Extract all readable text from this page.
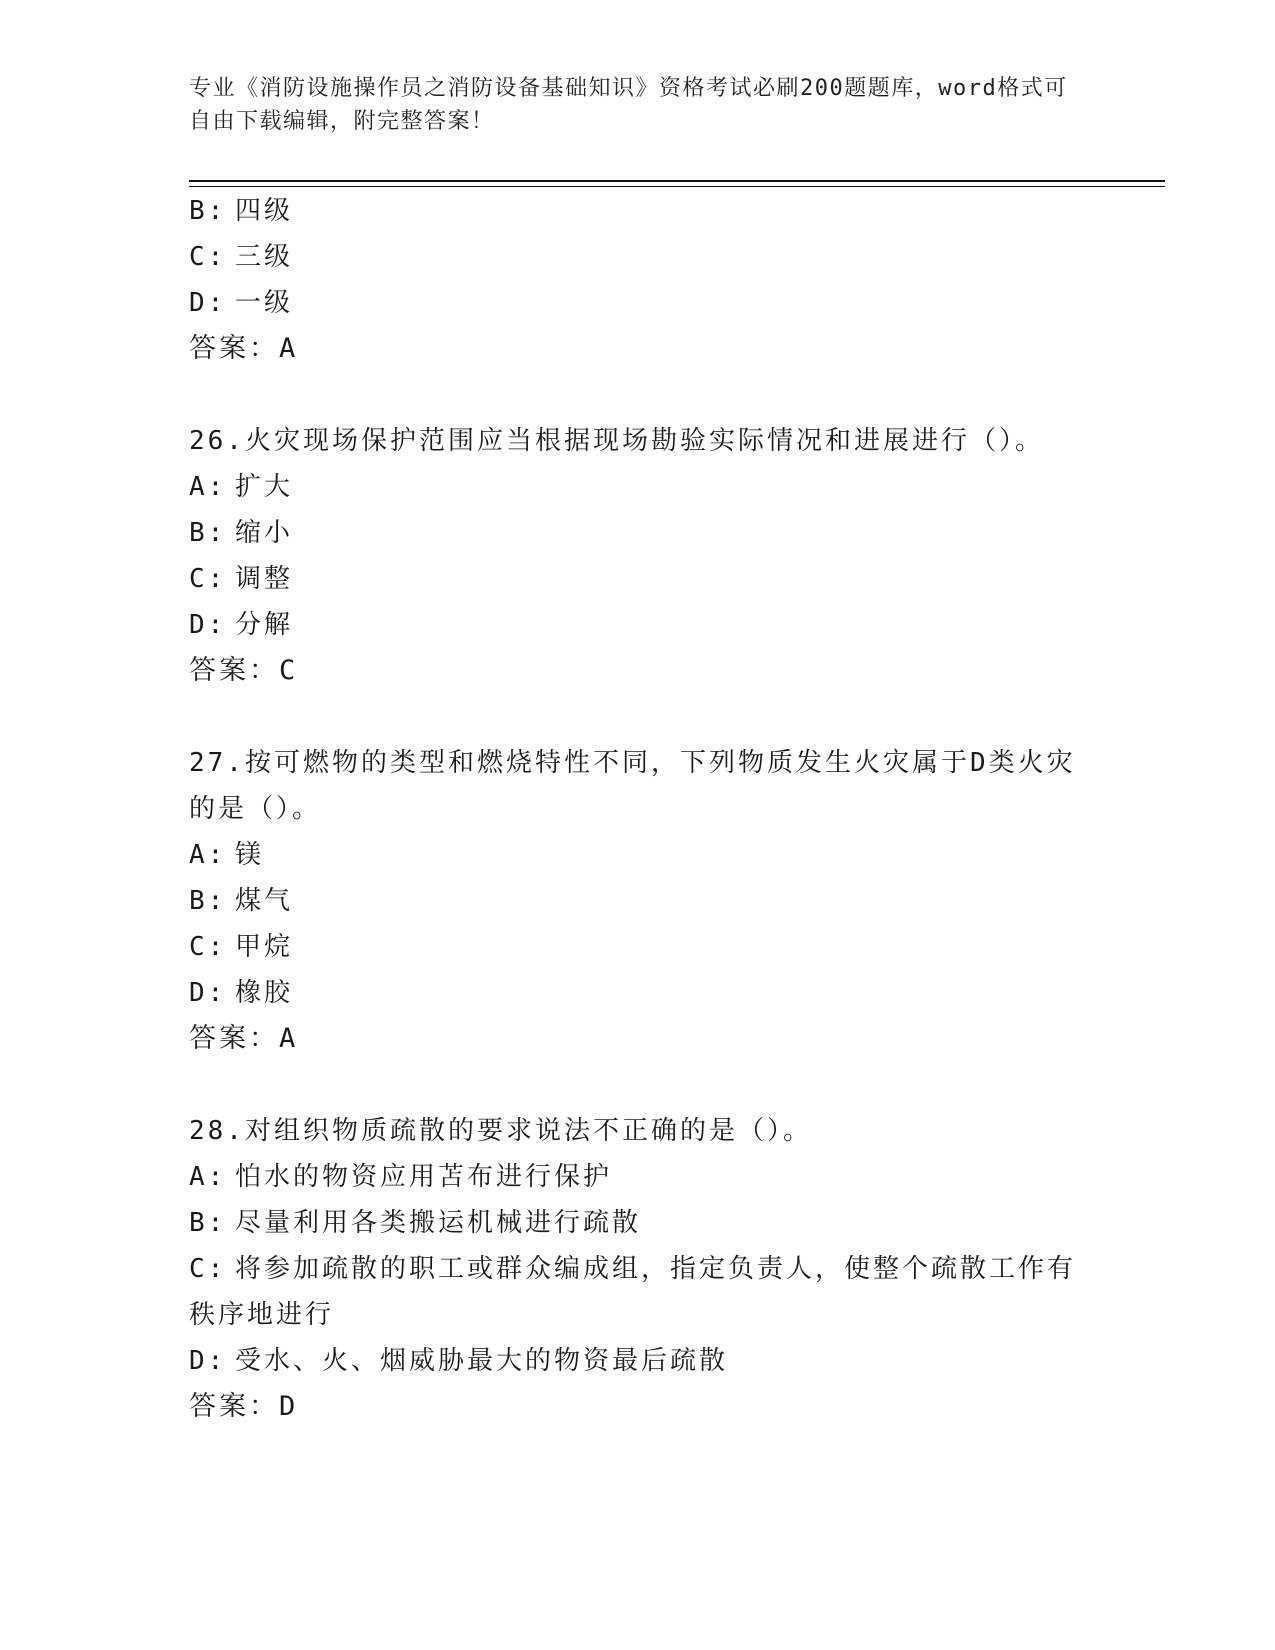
专业《消防设施操作员之消防设备基础知识》资格考试必刷200题题库，word格式可自由下载编辑，附完整答案！
B: 四级
C: 三级
D: 一级
答案：A
26.火灾现场保护范围应当根据现场勘验实际情况和进展进行（）。
A: 扩大
B: 缩小
C: 调整
D: 分解
答案：C
27.按可燃物的类型和燃烧特性不同，下列物质发生火灾属于D类火灾
的是（）。
A: 镁
B: 煤气
C: 甲烷
D: 橡胶
答案：A
28.对组织物质疏散的要求说法不正确的是（）。
A: 怕水的物资应用苫布进行保护
B: 尽量利用各类搬运机械进行疏散
C: 将参加疏散的职工或群众编成组，指定负责人，使整个疏散工作有
秩序地进行
D: 受水、火、烟威胁最大的物资最后疏散
答案：D
